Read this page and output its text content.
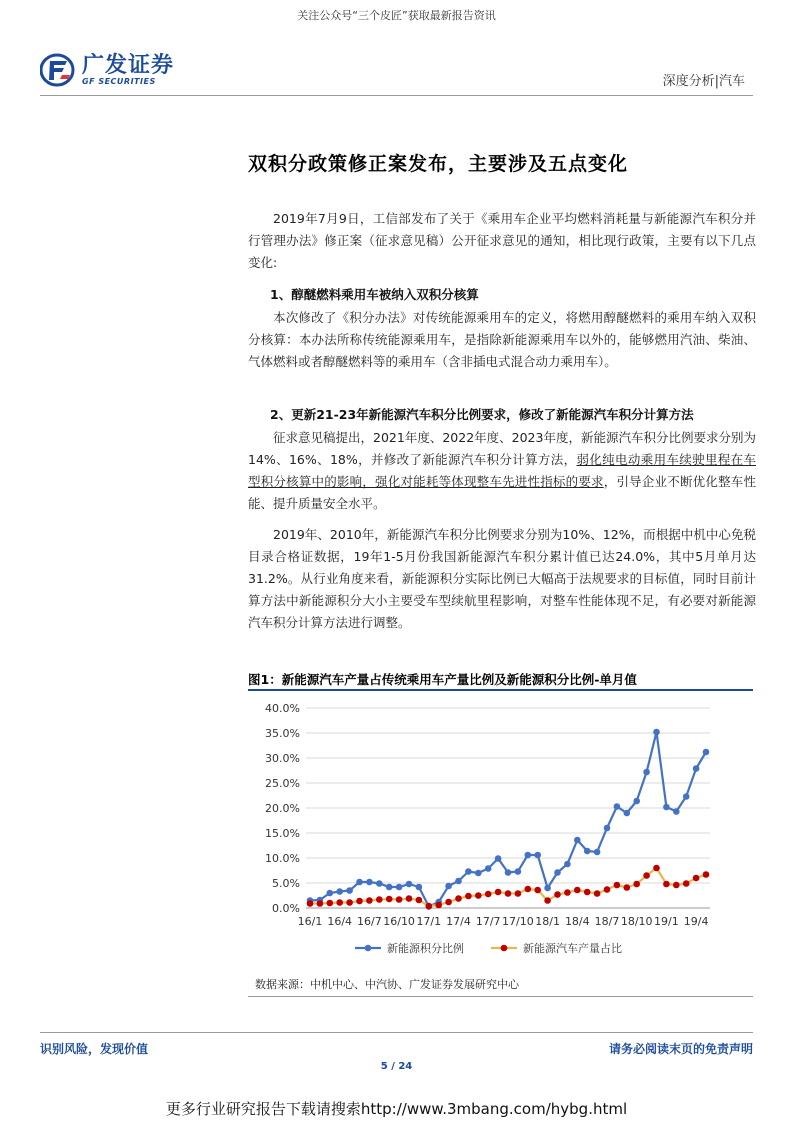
关注公众号“三个皮匠”获取最新报告资讯
广发证券
GF SECURITIES	深度分析|汽车
双积分政策修正案发布，主要涉及五点变化
2019年7月9日，工信部发布了关于《乘用车企业平均燃料消耗量与新能源汽车积分并行管理办法》修正案（征求意见稿）公开征求意见的通知，相比现行政策，主要有以下几点变化:
1、醇醚燃料乘用车被纳入双积分核算
本次修改了《积分办法》对传统能源乘用车的定义，将燃用醇醚燃料的乘用车纳入双积分核算：本办法所称传统能源乘用车，是指除新能源乘用车以外的，能够燃用汽油、柴油、气体燃料或者醇醚燃料等的乘用车（含非插电式混合动力乘用车）。
2、更新21-23年新能源汽车积分比例要求，修改了新能源汽车积分计算方法
征求意见稿提出，2021年度、2022年度、2023年度，新能源汽车积分比例要求分别为14%、16%、18%，并修改了新能源汽车积分计算方法，弱化纯电动乘用车续驶里程在车型积分核算中的影响，强化对能耗等体现整车先进性指标的要求，引导企业不断优化整车性能、提升质量安全水平。
2019年、2010年，新能源汽车积分比例要求分别为10%、12%，而根据中机中心免税目录合格证数据，19年1-5月份我国新能源汽车积分累计值已达24.0%，其中5月单月达31.2%。从行业角度来看，新能源积分实际比例已大幅高于法规要求的目标值，同时目前计算方法中新能源积分大小主要受车型续航里程影响，对整车性能体现不足，有必要对新能源汽车积分计算方法进行调整。
图1：新能源汽车产量占传统乘用车产量比例及新能源积分比例-单月值
0.0%
5.0%
10.0%
15.0%
20.0%
25.0%
30.0%
35.0%
40.0%
16/1 16/4 16/7 16/10 17/1 17/4 17/7 17/10 18/1 18/4 18/7 18/10 19/1 19/4
新能源积分比例	新能源汽车产量占比
数据来源：中机中心、中汽协、广发证券发展研究中心
识别风险，发现价值	请务必阅读末页的免责声明
5 / 24
更多行业研究报告下载请搜索http://www.3mbang.com/hybg.html
